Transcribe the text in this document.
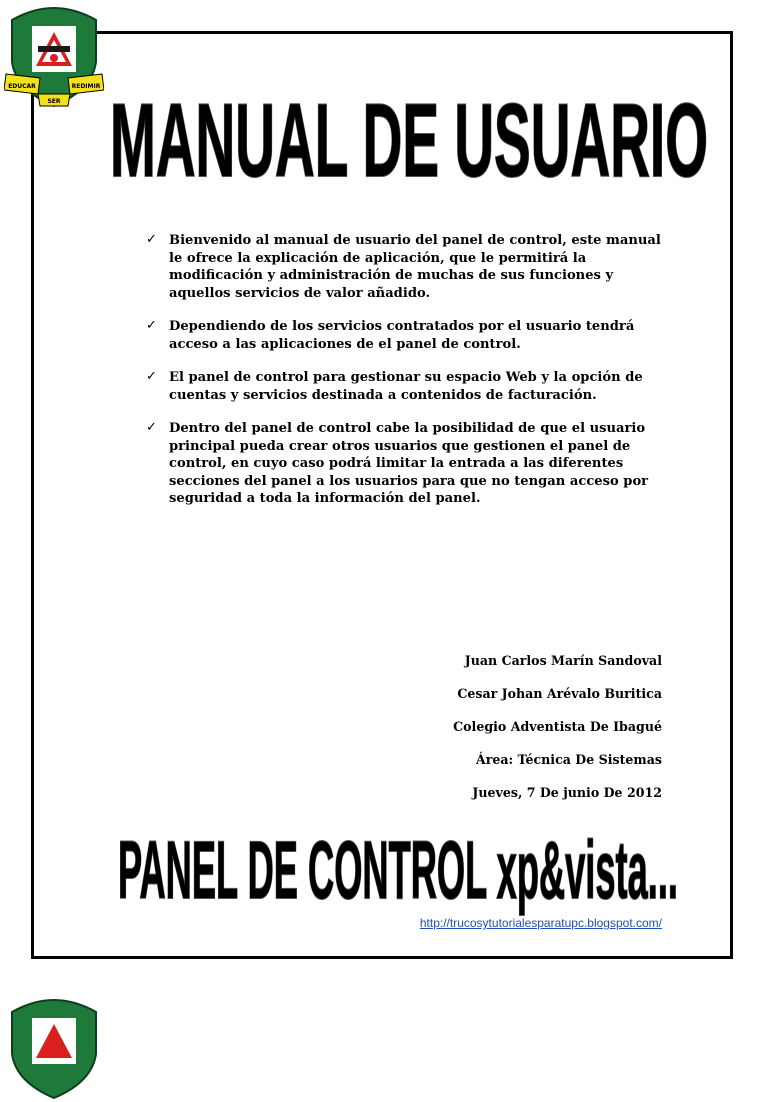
EDUCAR	REDIMIR
SER MANUAL DE USUARIO
✓ Bienvenido al manual de usuario del panel de control, este manual le ofrece la explicación de aplicación, que le permitirá la modificación y administración de muchas de sus funciones y aquellos servicios de valor añadido.
✓ Dependiendo de los servicios contratados por el usuario tendrá acceso a las aplicaciones de el panel de control.
✓ El panel de control para gestionar su espacio Web y la opción de cuentas y servicios destinada a contenidos de facturación.
✓ Dentro del panel de control cabe la posibilidad de que el usuario principal pueda crear otros usuarios que gestionen el panel de control, en cuyo caso podrá limitar la entrada a las diferentes secciones del panel a los usuarios para que no tengan acceso por seguridad a toda la información del panel.
Juan Carlos Marín Sandoval
Cesar Johan Arévalo Buritica
Colegio Adventista De Ibagué
Área: Técnica De Sistemas
Jueves, 7 De junio De 2012
PANEL DE CONTROL xp&vista...
http://trucosytutorialesparatupc.blogspot.com/
